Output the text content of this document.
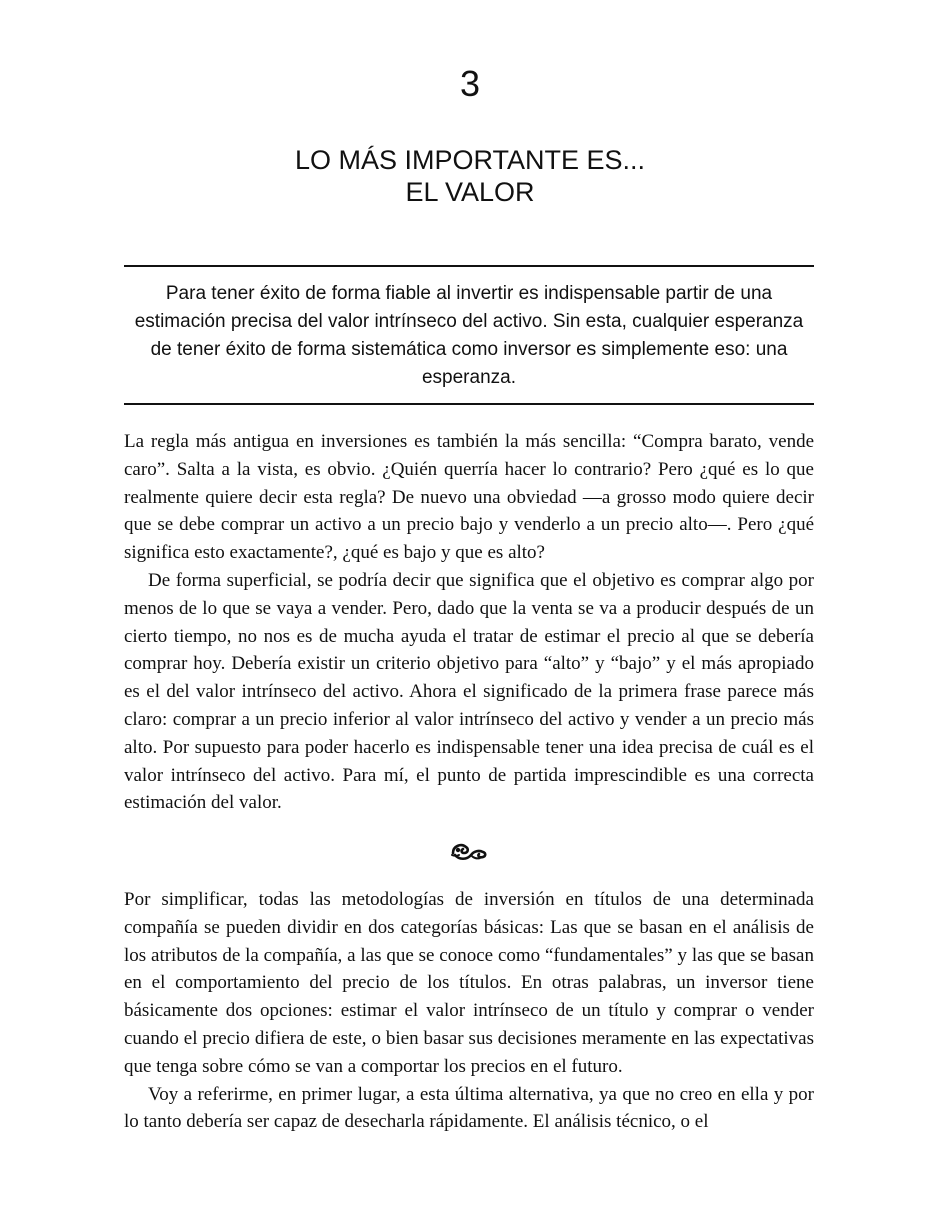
3
LO MÁS IMPORTANTE ES...
EL VALOR
Para tener éxito de forma fiable al invertir es indispensable partir de una estimación precisa del valor intrínseco del activo. Sin esta, cualquier esperanza de tener éxito de forma sistemática como inversor es simplemente eso: una esperanza.

La regla más antigua en inversiones es también la más sencilla: “Compra barato, vende caro”. Salta a la vista, es obvio. ¿Quién querría hacer lo contrario? Pero ¿qué es lo que realmente quiere decir esta regla? De nuevo una obviedad —a grosso modo quiere decir que se debe comprar un activo a un precio bajo y venderlo a un precio alto—. Pero ¿qué significa esto exactamente?, ¿qué es bajo y que es alto?

De forma superficial, se podría decir que significa que el objetivo es comprar algo por menos de lo que se vaya a vender. Pero, dado que la venta se va a producir después de un cierto tiempo, no nos es de mucha ayuda el tratar de estimar el precio al que se debería comprar hoy. Debería existir un criterio objetivo para “alto” y “bajo” y el más apropiado es el del valor intrínseco del activo. Ahora el significado de la primera frase parece más claro: comprar a un precio inferior al valor intrínseco del activo y vender a un precio más alto. Por supuesto para poder hacerlo es indispensable tener una idea precisa de cuál es el valor intrínseco del activo. Para mí, el punto de partida imprescindible es una correcta estimación del valor.

Por simplificar, todas las metodologías de inversión en títulos de una determinada compañía se pueden dividir en dos categorías básicas: Las que se basan en el análisis de los atributos de la compañía, a las que se conoce como “fundamentales” y las que se basan en el comportamiento del precio de los títulos. En otras palabras, un inversor tiene básicamente dos opciones: estimar el valor intrínseco de un título y comprar o vender cuando el precio difiera de este, o bien basar sus decisiones meramente en las expectativas que tenga sobre cómo se van a comportar los precios en el futuro.

Voy a referirme, en primer lugar, a esta última alternativa, ya que no creo en ella y por lo tanto debería ser capaz de desecharla rápidamente. El análisis técnico, o el
